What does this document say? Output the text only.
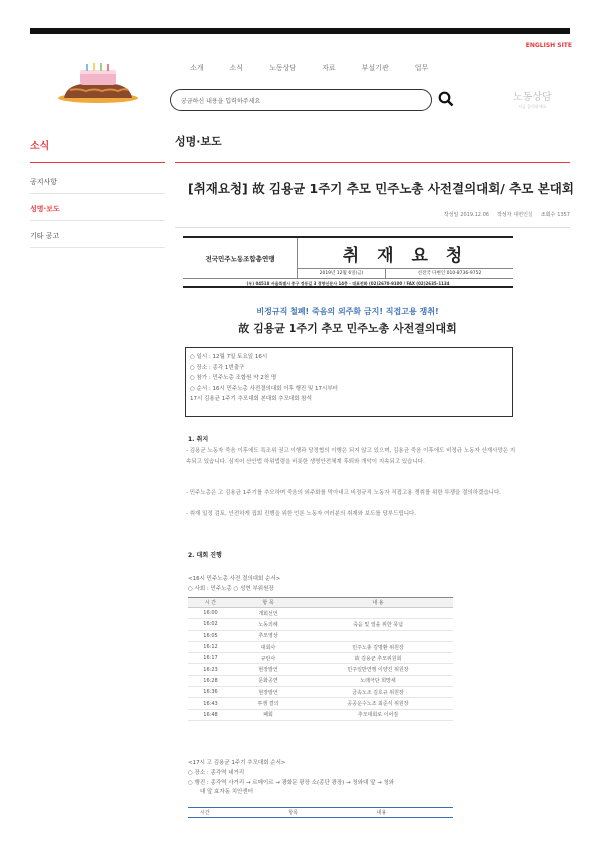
ENGLISH SITE
소개	소식	노동상담	자료	부설기관	업무
궁금하신 내용을 입력하주세요	노동상담
지금 클릭하세요
소식
공지사항
성명·보도
기타 공고
성명·보도
[취재요청] 故 김용균 1주기 추모 민주노총 사전결의대회/ 추모 본대회
작성일 2019.12.06 작성자 대변인실 조회수 1357
전국민주노동조합총연맹	취 재 요 청
2019년 12월 6일(금)	선전국 다변인 010-8736-9752
(우) 04518 서울특별시 중구 정동길 3 경향신문사 14층 · 대표전화 (02)2670-9100 / FAX (02)2635-1134
비정규직 철폐! 죽음의 외주화 금지! 직접고용 쟁취!
故 김용균 1주기 추모 민주노총 사전결의대회
○ 일시 : 12월 7일 토요일 16시
○ 장소 : 종각 1번출구
○ 참가 : 민주노총 조합원 약 2천 명
○ 순서 : 16시 민주노총 사전결의대회 이후 행진 및 17시부터
17시 김용균 1주기 추모대회 본대회 추모대회 참석
1. 취지
- 김용균 노동자 죽음 이후에도 특조위 권고 이행과 당정협의 이행은 되지 않고 있으며, 김용균 죽음 이후에도 비정규 노동자 산재사망은 지속되고 있습니다. 심지어 산안법 하위법령을 비롯한 생명안전체계 후퇴와 개악이 지속되고 있습니다.
- 민주노총은 고 김용균 1주기를 추모하며 죽음의 외주화를 막아내고 비정규직 노동자 직접고용 쟁취를 위한 투쟁을 결의하겠습니다.
- 취재 일정 검토, 안전하게 집회 진행을 위한 언론 노동자 여러분의 취재와 보도를 당부드립니다.
2. 대회 진행
<16시 민주노총 사전 결의대회 순서>
○ 사회 : 민주노총 ○ 성현 부위원장
시 간	항 목	내 용
16:00	개회선언	
16:02	노동의례	죽음 및 열을 위한 묵념
16:05	추모영상	
16:12	대회사	민주노총 김명환 위원장
16:17	규탄사	故 김용균 추모위원회
16:23	현장발언	민주일반연맹 이양진 위원장
16:28	문화공연	노래극단 희망새
16:36	현장발언	금속노조 김호규 위원장
16:43	투쟁 결의	공공운수노조 최준식 위원장
16:48	폐회	추모대회로 이어짐
<17시 고 김용균 1주기 추모대회 순서>
○ 장소 : 종각역 네거리
○ 행진 : 종각역 사거리 → 르메이르 → 광화문 광장 소(종단 광장) → 청와대 앞 → 청와
대 앞 효자동 치안센터
시간	항목	내용
